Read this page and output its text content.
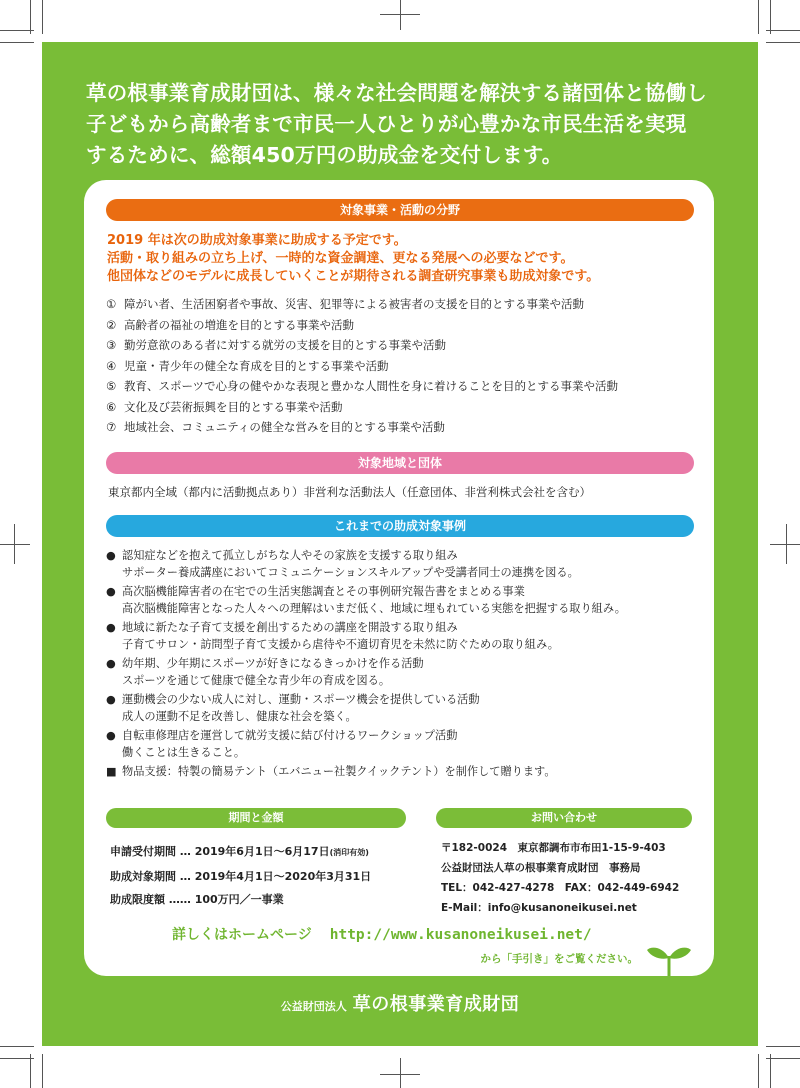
草の根事業育成財団は、様々な社会問題を解決する諸団体と協働し
子どもから高齢者まで市民一人ひとりが心豊かな市民生活を実現
するために、総額450万円の助成金を交付します。
対象事業・活動の分野
2019 年は次の助成対象事業に助成する予定です。
活動・取り組みの立ち上げ、一時的な資金調達、更なる発展への必要などです。
他団体などのモデルに成長していくことが期待される調査研究事業も助成対象です。
① 障がい者、生活困窮者や事故、災害、犯罪等による被害者の支援を目的とする事業や活動
② 高齢者の福祉の増進を目的とする事業や活動
③ 勤労意欲のある者に対する就労の支援を目的とする事業や活動
④ 児童・青少年の健全な育成を目的とする事業や活動
⑤ 教育、スポーツで心身の健やかな表現と豊かな人間性を身に着けることを目的とする事業や活動
⑥ 文化及び芸術振興を目的とする事業や活動
⑦ 地域社会、コミュニティの健全な営みを目的とする事業や活動
対象地域と団体
東京都内全域（都内に活動拠点あり）非営利な活動法人（任意団体、非営利株式会社を含む）
これまでの助成対象事例
● 認知症などを抱えて孤立しがちな人やその家族を支援する取り組み
サポーター養成講座においてコミュニケーションスキルアップや受講者同士の連携を図る。
● 高次脳機能障害者の在宅での生活実態調査とその事例研究報告書をまとめる事業
高次脳機能障害となった人々への理解はいまだ低く、地域に埋もれている実態を把握する取り組み。
● 地域に新たな子育て支援を創出するための講座を開設する取り組み
子育てサロン・訪問型子育て支援から虐待や不適切育児を未然に防ぐための取り組み。
● 幼年期、少年期にスポーツが好きになるきっかけを作る活動
スポーツを通じて健康で健全な青少年の育成を図る。
● 運動機会の少ない成人に対し、運動・スポーツ機会を提供している活動
成人の運動不足を改善し、健康な社会を築く。
● 自転車修理店を運営して就労支援に結び付けるワークショップ活動
働くことは生きること。
■ 物品支援：特製の簡易テント（エバニュー社製クイックテント）を制作して贈ります。
期間と金額	お問い合わせ
申請受付期間 … 2019年6月1日～6月17日(消印有効)
助成対象期間 … 2019年4月1日～2020年3月31日
助成限度額 …… 100万円／一事業
〒182-0024　東京都調布市布田1-15-9-403
公益財団法人草の根事業育成財団　事務局
TEL：042-427-4278　FAX：042-449-6942
E-Mail：info@kusanoneikusei.net
詳しくはホームページ http://www.kusanoneikusei.net/
から「手引き」をご覧ください。
公益財団法人 草の根事業育成財団
